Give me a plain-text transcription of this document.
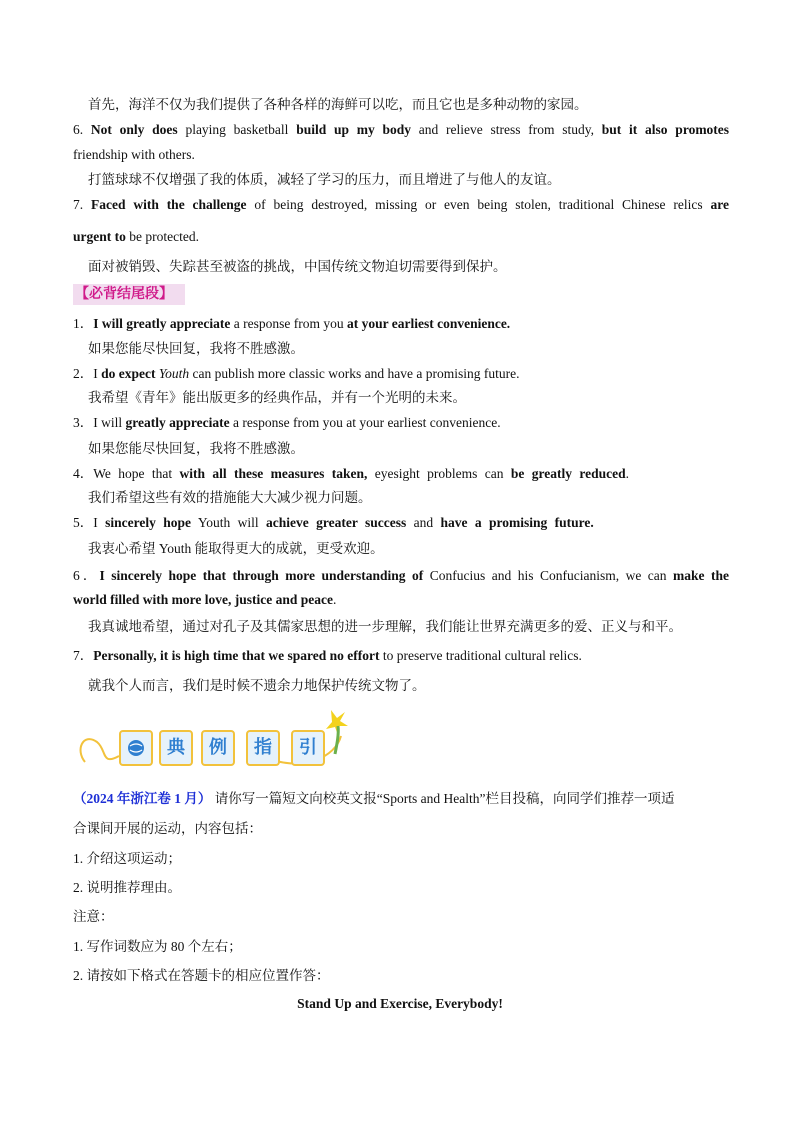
首先，海洋不仅为我们提供了各种各样的海鲜可以吃，而且它也是多种动物的家园。
6. Not only does playing basketball build up my body and relieve stress from study, but it also promotes
friendship with others.
打篮球球不仅增强了我的体质，减轻了学习的压力，而且增进了与他人的友谊。
7. Faced with the challenge of being destroyed, missing or even being stolen, traditional Chinese relics are
urgent to be protected.
面对被销毁、失踪甚至被盗的挑战，中国传统文物迫切需要得到保护。
【必背结尾段】
1．I will greatly appreciate a response from you at your earliest convenience.
如果您能尽快回复，我将不胜感激。
2．I do expect Youth can publish more classic works and have a promising future.
我希望《青年》能出版更多的经典作品，并有一个光明的未来。
3．I will greatly appreciate a response from you at your earliest convenience.
如果您能尽快回复，我将不胜感激。
4．We hope that with all these measures taken, eyesight problems can be greatly reduced.
我们希望这些有效的措施能大大减少视力问题。
5．I sincerely hope Youth will achieve greater success and have a promising future.
我衷心希望 Youth 能取得更大的成就，更受欢迎。
6．I sincerely hope that through more understanding of Confucius and his Confucianism, we can make the
world filled with more love, justice and peace.
我真诚地希望，通过对孔子及其儒家思想的进一步理解，我们能让世界充满更多的爱、正义与和平。
7．Personally, it is high time that we spared no effort to preserve traditional cultural relics.
就我个人而言，我们是时候不遗余力地保护传统文物了。
典	例	指	引
（2024 年浙江卷 1 月） 请你写一篇短文向校英文报“Sports and Health”栏目投稿，向同学们推荐一项适
合课间开展的运动，内容包括：
1. 介绍这项运动；
2. 说明推荐理由。
注意：
1. 写作词数应为 80 个左右；
2. 请按如下格式在答题卡的相应位置作答：
Stand Up and Exercise, Everybody!
